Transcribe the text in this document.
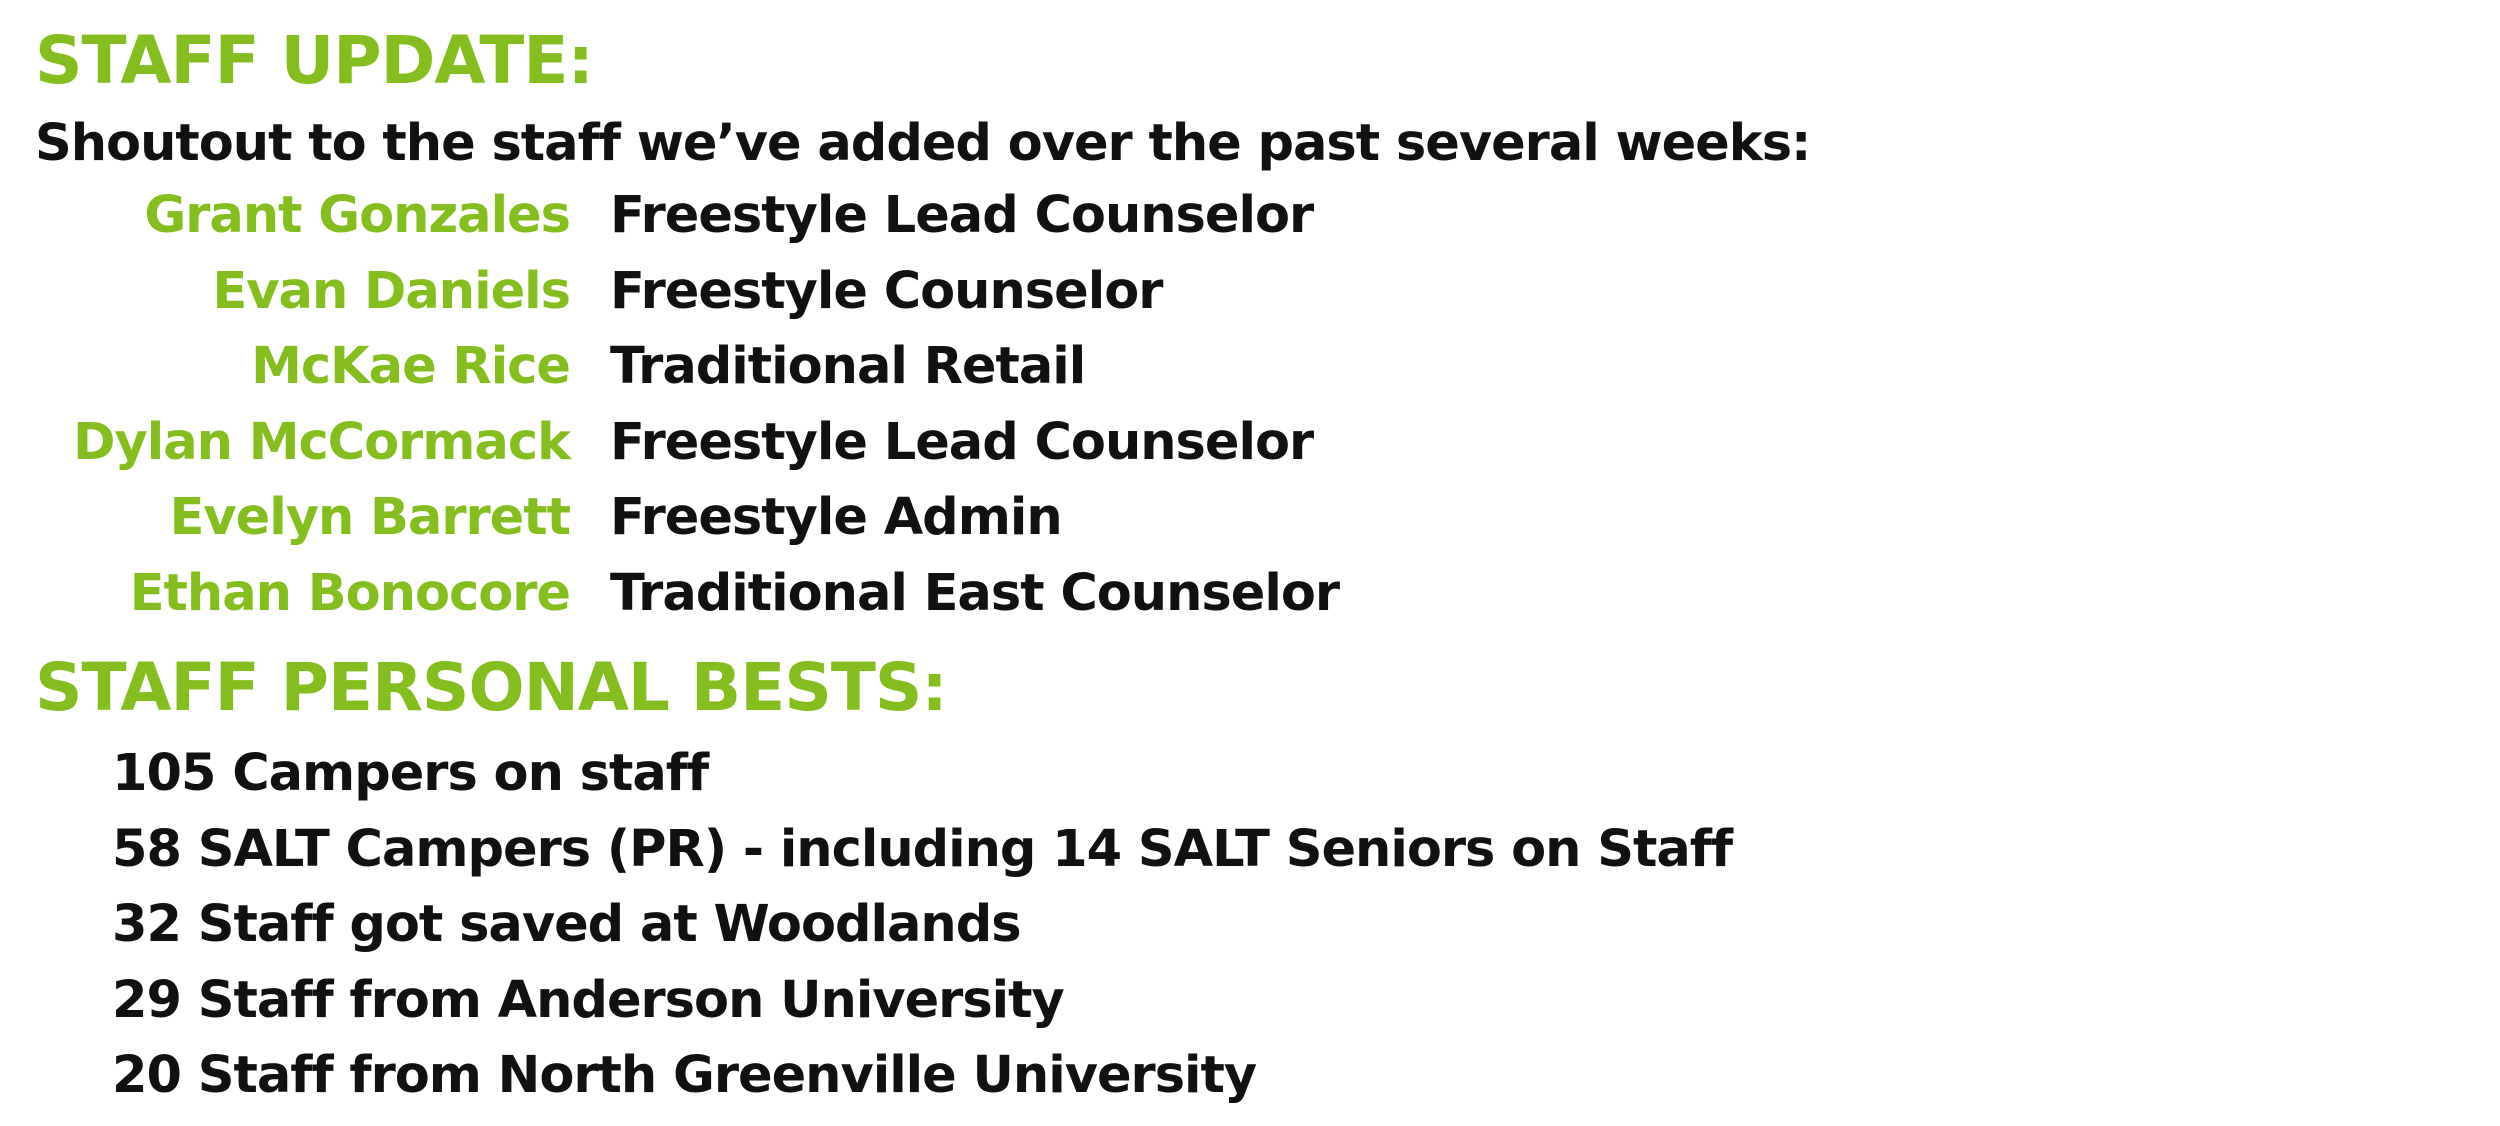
STAFF UPDATE:

Shoutout to the staff we’ve added over the past several weeks:

Grant Gonzales Freestyle Lead Counselor
Evan Daniels Freestyle Counselor
McKae Rice Traditional Retail
Dylan McCormack Freestyle Lead Counselor
Evelyn Barrett Freestyle Admin
Ethan Bonocore Traditional East Counselor
STAFF PERSONAL BESTS:
105 Campers on staff
58 SALT Campers (PR) - including 14 SALT Seniors on Staff
32 Staff got saved at Woodlands
29 Staff from Anderson University
20 Staff from North Greenville University
